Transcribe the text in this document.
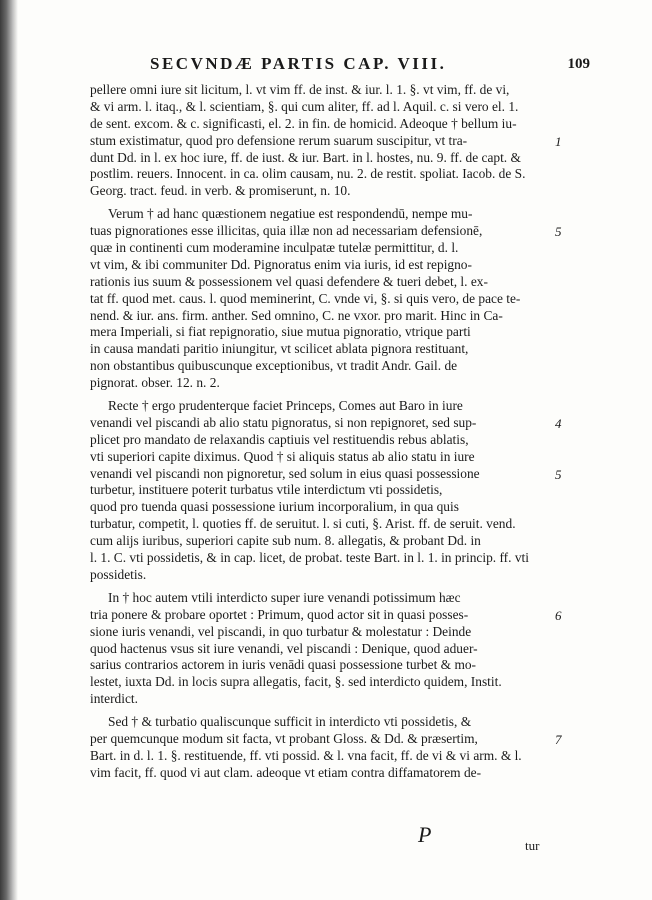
SECVNDÆ PARTIS CAP. VIII.	109
pellere omni iure sit licitum, l. vt vim ff. de inst. & iur. l. 1. §. vt vim, ff. de vi,
& vi arm. l. itaq., & l. scientiam, §. qui cum aliter, ff. ad l. Aquil. c. si vero el. 1.
de sent. excom. & c. significasti, el. 2. in fin. de homicid. Adeoque † bellum iu-
stum existimatur, quod pro defensione rerum suarum suscipitur, vt tra-
dunt Dd. in l. ex hoc iure, ff. de iust. & iur. Bart. in l. hostes, nu. 9. ff. de capt. &
postlim. reuers. Innocent. in ca. olim causam, nu. 2. de restit. spoliat. Iacob. de S.
Georg. tract. feud. in verb. & promiserunt, n. 10.
Verum † ad hanc quæstionem negatiue est respondendū, nempe mu-
tuas pignorationes esse illicitas, quia illæ non ad necessariam defensionē,
quæ in continenti cum moderamine inculpatæ tutelæ permittitur, d. l.
vt vim, & ibi communiter Dd. Pignoratus enim via iuris, id est repigno-
rationis ius suum & possessionem vel quasi defendere & tueri debet, l. ex-
tat ff. quod met. caus. l. quod meminerint, C. vnde vi, §. si quis vero, de pace te-
nend. & iur. ans. firm. anther. Sed omnino, C. ne vxor. pro marit. Hinc in Ca-
mera Imperiali, si fiat repignoratio, siue mutua pignoratio, vtrique parti
in causa mandati paritio iniungitur, vt scilicet ablata pignora restituant,
non obstantibus quibuscunque exceptionibus, vt tradit Andr. Gail. de
pignorat. obser. 12. n. 2.
Recte † ergo prudenterque faciet Princeps, Comes aut Baro in iure
venandi vel piscandi ab alio statu pignoratus, si non repignoret, sed sup-
plicet pro mandato de relaxandis captiuis vel restituendis rebus ablatis,
vti superiori capite diximus. Quod † si aliquis status ab alio statu in iure
venandi vel piscandi non pignoretur, sed solum in eius quasi possessione
turbetur, instituere poterit turbatus vtile interdictum vti possidetis,
quod pro tuenda quasi possessione iurium incorporalium, in qua quis
turbatur, competit, l. quoties ff. de seruitut. l. si cuti, §. Arist. ff. de seruit. vend.
cum alijs iuribus, superiori capite sub num. 8. allegatis, & probant Dd. in
l. 1. C. vti possidetis, & in cap. licet, de probat. teste Bart. in l. 1. in princip. ff. vti
possidetis.
In † hoc autem vtili interdicto super iure venandi potissimum hæc
tria ponere & probare oportet : Primum, quod actor sit in quasi posses-
sione iuris venandi, vel piscandi, in quo turbatur & molestatur : Deinde
quod hactenus vsus sit iure venandi, vel piscandi : Denique, quod aduer-
sarius contrarios actorem in iuris venādi quasi possessione turbet & mo-
lestet, iuxta Dd. in locis supra allegatis, facit, §. sed interdicto quidem, Instit.
interdict.
Sed † & turbatio qualiscunque sufficit in interdicto vti possidetis, &
per quemcunque modum sit facta, vt probant Gloss. & Dd. & præsertim,
Bart. in d. l. 1. §. restituende, ff. vti possid. & l. vna facit, ff. de vi & vi arm. & l.
vim facit, ff. quod vi aut clam. adeoque vt etiam contra diffamatorem de-
1
5
4
5
6
7
P	tur
